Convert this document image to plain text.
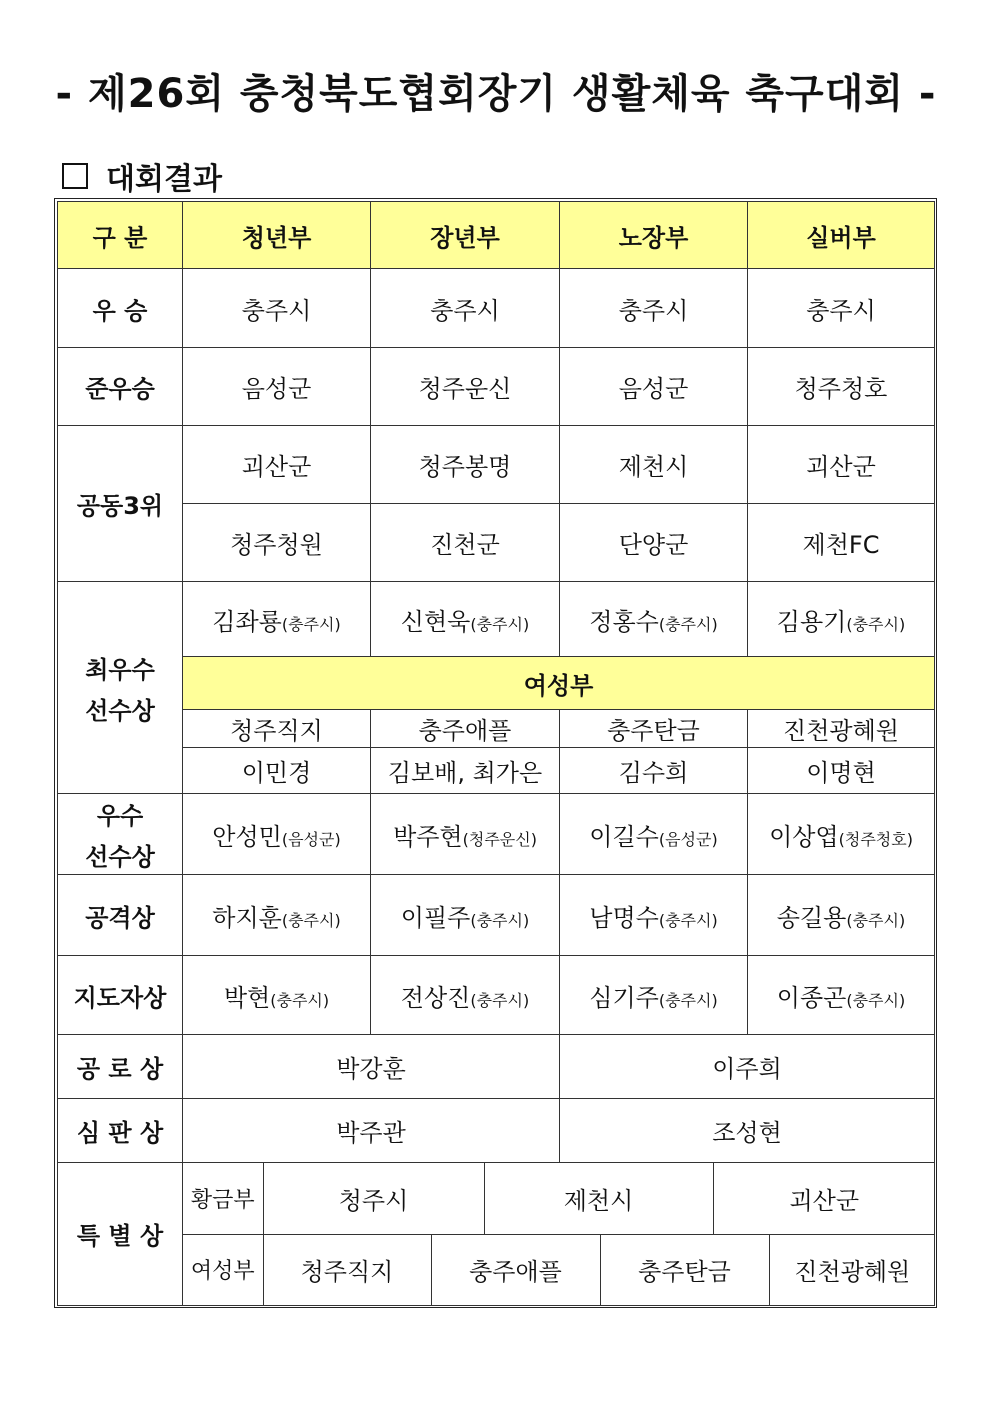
- 제26회 충청북도협회장기 생활체육 축구대회 -
대회결과
구 분	청년부	장년부	노장부	실버부
우 승	충주시	충주시	충주시	충주시
준우승	음성군	청주운신	음성군	청주청호
공동3위	괴산군	청주봉명	제천시	괴산군
	청주청원	진천군	단양군	제천FC

최우수
선수상	김좌룡(충주시)	신현욱(충주시)	정홍수(충주시)	김용기(충주시)
	여성부			
	청주직지	충주애플	충주탄금	진천광혜원
	이민경	김보배, 최가은	김수희	이명현

우수
선수상	안성민(음성군)	박주현(청주운신)	이길수(음성군)	이상엽(청주청호)
공격상	하지훈(충주시)	이필주(충주시)	남명수(충주시)	송길용(충주시)
지도자상	박현(충주시)	전상진(충주시)	심기주(충주시)	이종곤(충주시)
공 로 상	박강훈	이주희
심 판 상	박주관	조성현
특 별 상	
황금부	청주시	제천시	괴산군
여성부	청주직지	충주애플	충주탄금	진천광혜원
